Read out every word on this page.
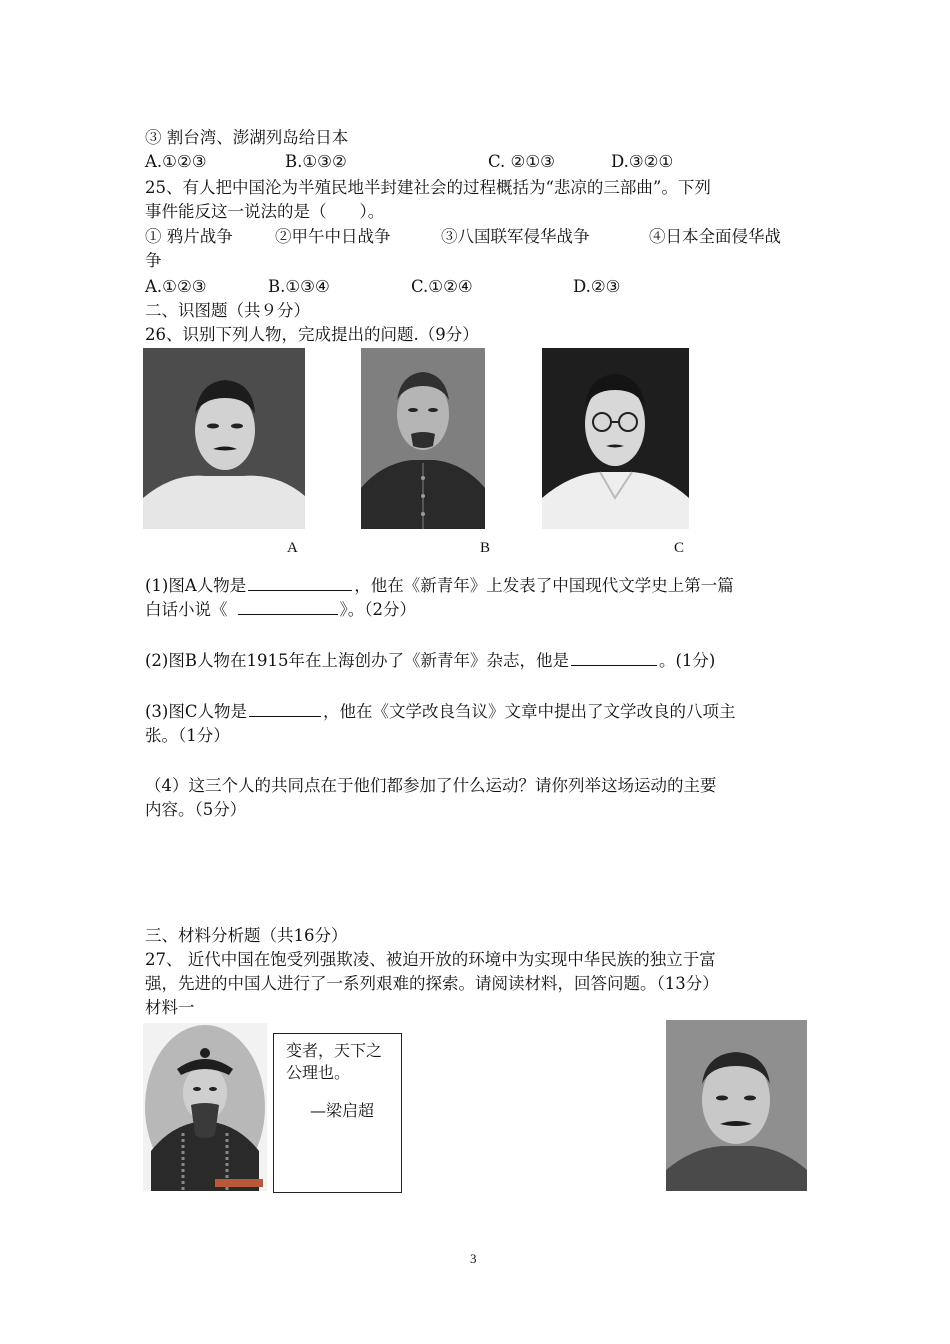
③ 割台湾、澎湖列岛给日本
A.①②③	B.①③②	C. ②①③	D.③②①
25、有人把中国沦为半殖民地半封建社会的过程概括为“悲凉的三部曲”。下列
事件能反这一说法的是（　　）。
① 鸦片战争	②甲午中日战争	③八国联军侵华战争	④日本全面侵华战
争
A.①②③	B.①③④	C.①②④	D.②③
二、识图题（共９分）
26、识别下列人物，完成提出的问题.（9分）
A	B	C
(1)图A人物是	，他在《新青年》上发表了中国现代文学史上第一篇
白话小说《	》。（2分）
(2)图B人物在1915年在上海创办了《新青年》杂志，他是	。(1分)
(3)图C人物是	，他在《文学改良刍议》文章中提出了文学改良的八项主
张。（1分）
（4）这三个人的共同点在于他们都参加了什么运动？请你列举这场运动的主要
内容。（5分）
三、材料分析题（共16分）
27、 近代中国在饱受列强欺凌、被迫开放的环境中为实现中华民族的独立于富
强，先进的中国人进行了一系列艰难的探索。请阅读材料，回答问题。（13分）
材料一
变者，天下之公理也。
—梁启超
3
